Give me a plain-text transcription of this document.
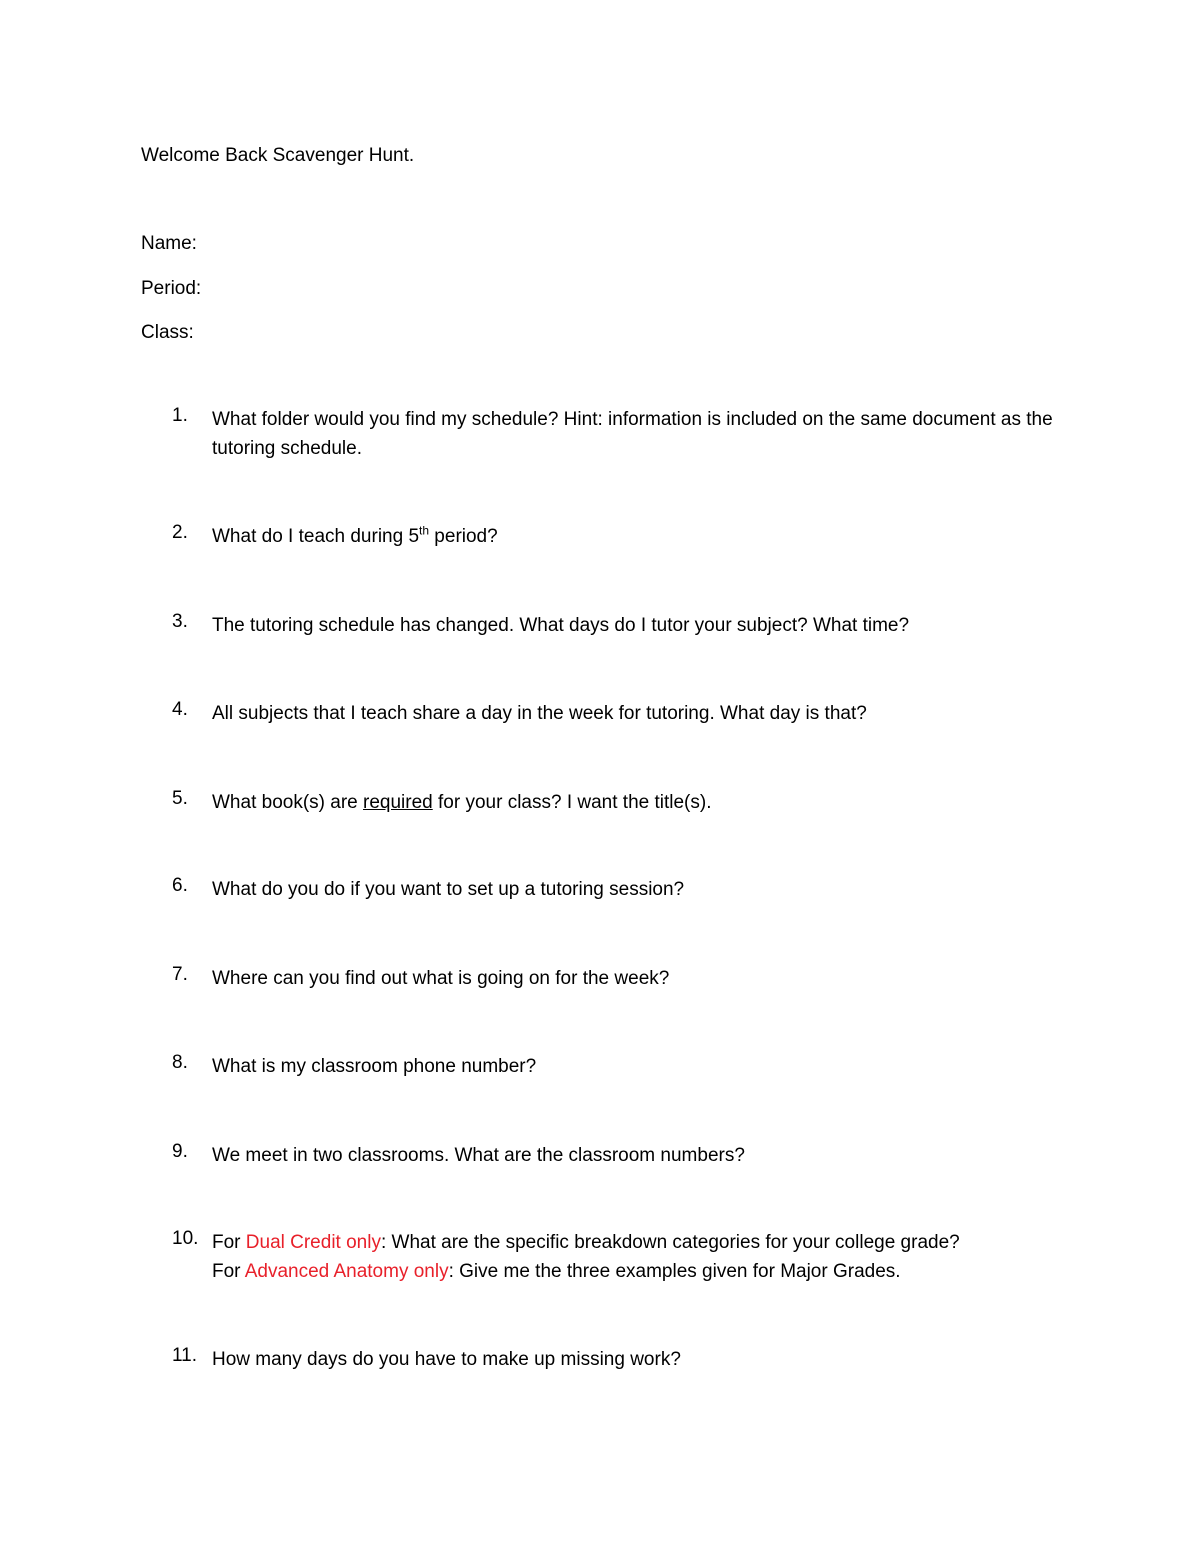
Welcome Back Scavenger Hunt.
Name:
Period:
Class:
1.	What folder would you find my schedule? Hint: information is included on the same document as the tutoring schedule.
2.	What do I teach during 5th period?
3.	The tutoring schedule has changed. What days do I tutor your subject? What time?
4.	All subjects that I teach share a day in the week for tutoring. What day is that?
5.	What book(s) are required for your class? I want the title(s).
6.	What do you do if you want to set up a tutoring session?
7.	Where can you find out what is going on for the week?
8.	What is my classroom phone number?
9.	We meet in two classrooms. What are the classroom numbers?
10. For Dual Credit only: What are the specific breakdown categories for your college grade?
For Advanced Anatomy only: Give me the three examples given for Major Grades.
11. How many days do you have to make up missing work?
